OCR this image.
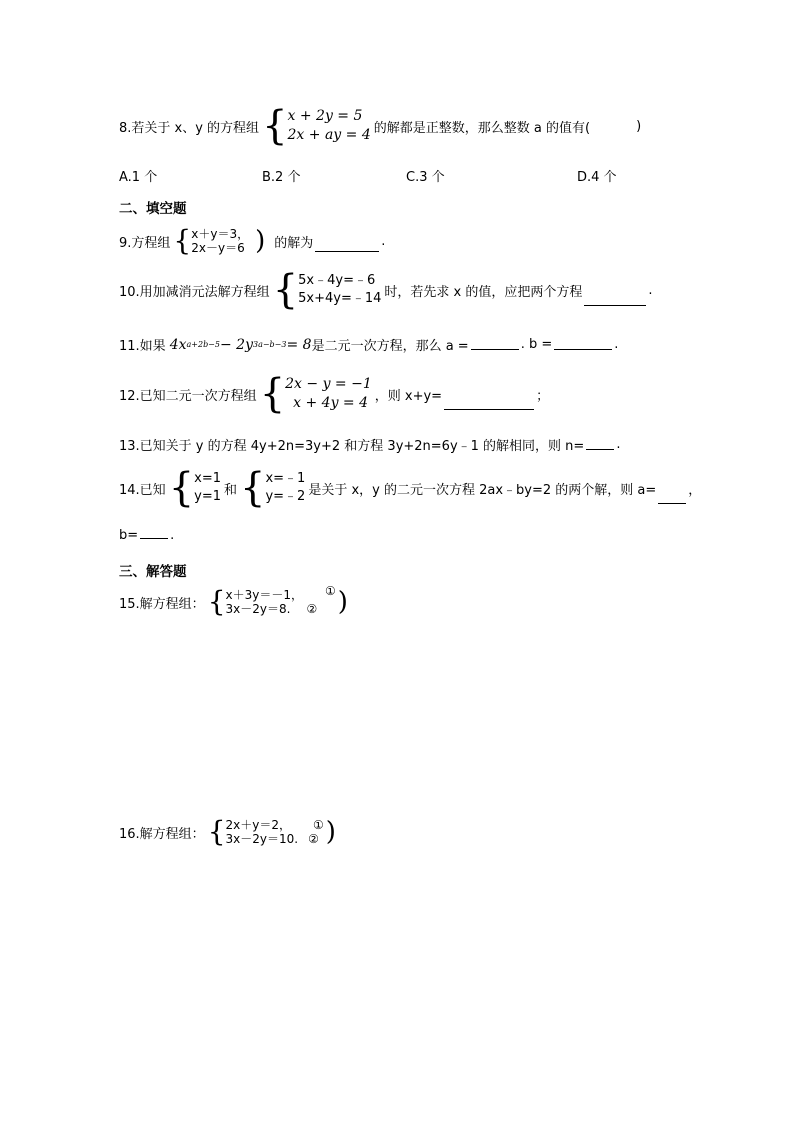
8.若关于 x、y 的方程组 { x + 2y = 5
2x + ay = 4 的解都是正整数，那么整数 a 的值有(	)
A.1 个	B.2 个	C.3 个	D.4 个
二、填空题
9.方程组 { x＋y＝3，
2x－y＝6 ) 的解为	.
10.用加减消元法解方程组 { 5x﹣4y=﹣6
5x+4y=﹣14 时，若先求 x 的值，应把两个方程	.
11.如果 4x a+2b−5 − 2y 3a−b−3 = 8 是二元一次方程，那么 a =	. b =	.
12.已知二元一次方程组 { 2x − y = −1
x + 4y = 4 ，则 x+y=	；
13.已知关于 y 的方程 4y+2n=3y+2 和方程 3y+2n=6y﹣1 的解相同，则 n= .
14.已知 { x=1
y=1 和 { x=﹣1
y=﹣2 是关于 x，y 的二元一次方程 2ax﹣by=2 的两个解，则 a= ，
b= .
三、解答题
15.解方程组： { x＋3y＝－1， ①
3x－2y＝8. ② )
16.解方程组： { 2x＋y＝2， ①
3x－2y＝10. ② )
